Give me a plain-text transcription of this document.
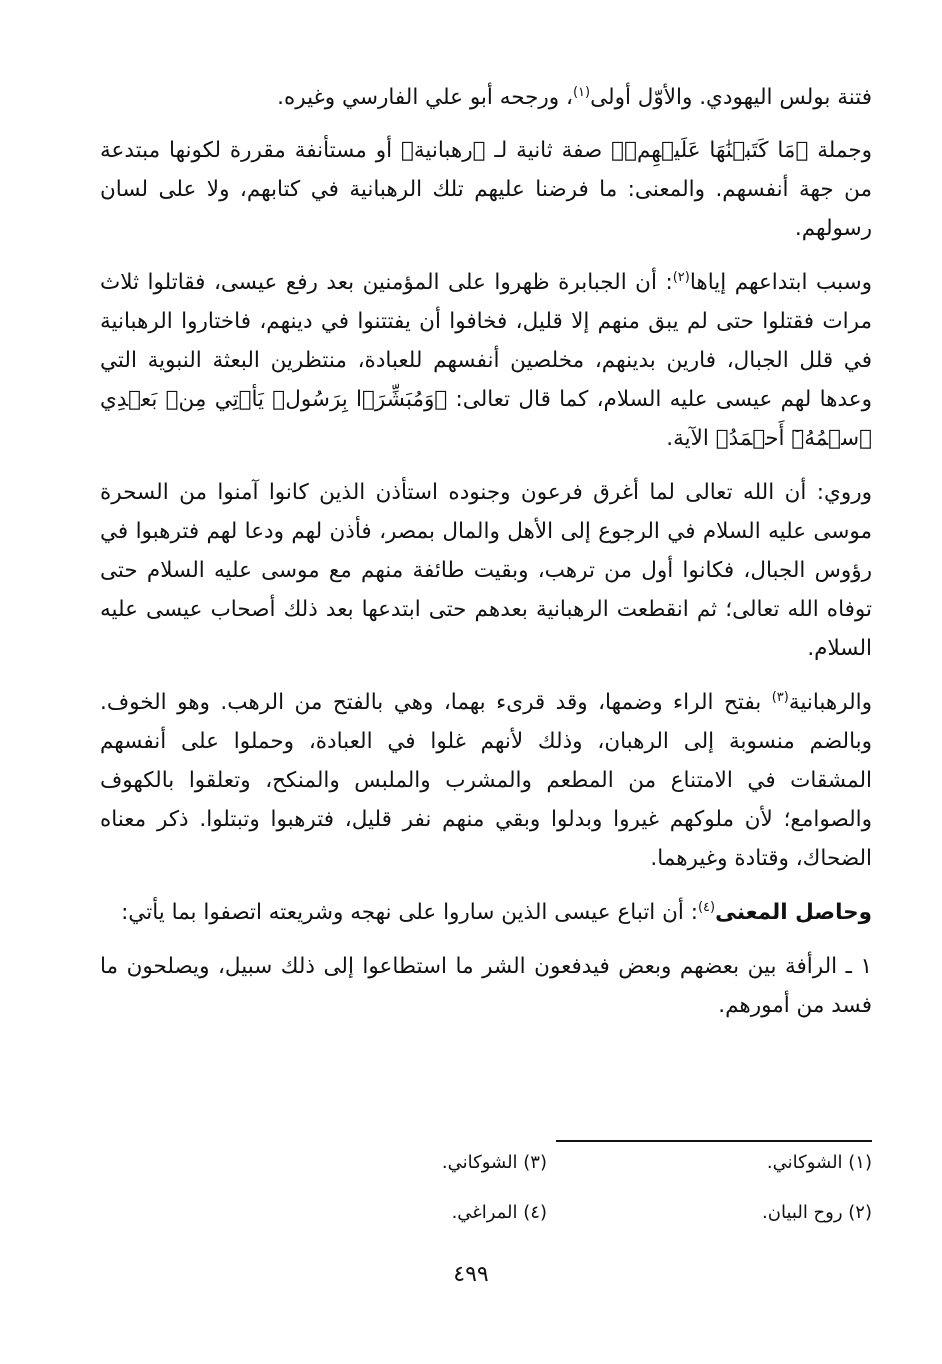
فتنة بولس اليهودي. والأوّل أولى$^{(١)}$، ورجحه أبو علي الفارسي وغيره.

وجملة ﴿مَا كَتَبۡنَٰهَا عَلَيۡهِمۡ﴾ صفة ثانية لـ ﴿رهبانية﴾ أو مستأنفة مقررة لكونها مبتدعة من جهة أنفسهم. والمعنى: ما فرضنا عليهم تلك الرهبانية في كتابهم، ولا على لسان رسولهم.

وسبب ابتداعهم إياها$^{(٢)}$: أن الجبابرة ظهروا على المؤمنين بعد رفع عيسى، فقاتلوا ثلاث مرات فقتلوا حتى لم يبق منهم إلا قليل، فخافوا أن يفتتنوا في دينهم، فاختاروا الرهبانية في قلل الجبال، فارين بدينهم، مخلصين أنفسهم للعبادة، منتظرين البعثة النبوية التي وعدها لهم عيسى عليه السلام، كما قال تعالى: ﴿وَمُبَشِّرَۢا بِرَسُولٖ يَأۡتِي مِنۢ بَعۡدِي ٱسۡمُهُۥٓ أَحۡمَدُ﴾ الآية.

وروي: أن الله تعالى لما أغرق فرعون وجنوده استأذن الذين كانوا آمنوا من السحرة موسى عليه السلام في الرجوع إلى الأهل والمال بمصر، فأذن لهم ودعا لهم فترهبوا في رؤوس الجبال، فكانوا أول من ترهب، وبقيت طائفة منهم مع موسى عليه السلام حتى توفاه الله تعالى؛ ثم انقطعت الرهبانية بعدهم حتى ابتدعها بعد ذلك أصحاب عيسى عليه السلام.

والرهبانية$^{(٣)}$ بفتح الراء وضمها، وقد قرىء بهما، وهي بالفتح من الرهب. وهو الخوف. وبالضم منسوبة إلى الرهبان، وذلك لأنهم غلوا في العبادة، وحملوا على أنفسهم المشقات في الامتناع من المطعم والمشرب والملبس والمنكح، وتعلقوا بالكهوف والصوامع؛ لأن ملوكهم غيروا وبدلوا وبقي منهم نفر قليل، فترهبوا وتبتلوا. ذكر معناه الضحاك، وقتادة وغيرهما.

وحاصل المعنى$^{(٤)}$: أن اتباع عيسى الذين ساروا على نهجه وشريعته اتصفوا بما يأتي:

١ ـ الرأفة بين بعضهم وبعض فيدفعون الشر ما استطاعوا إلى ذلك سبيل، ويصلحون ما فسد من أمورهم.

(١) الشوكاني.
(٢) روح البيان.
(٣) الشوكاني.
(٤) المراغي.
٤٩٩
